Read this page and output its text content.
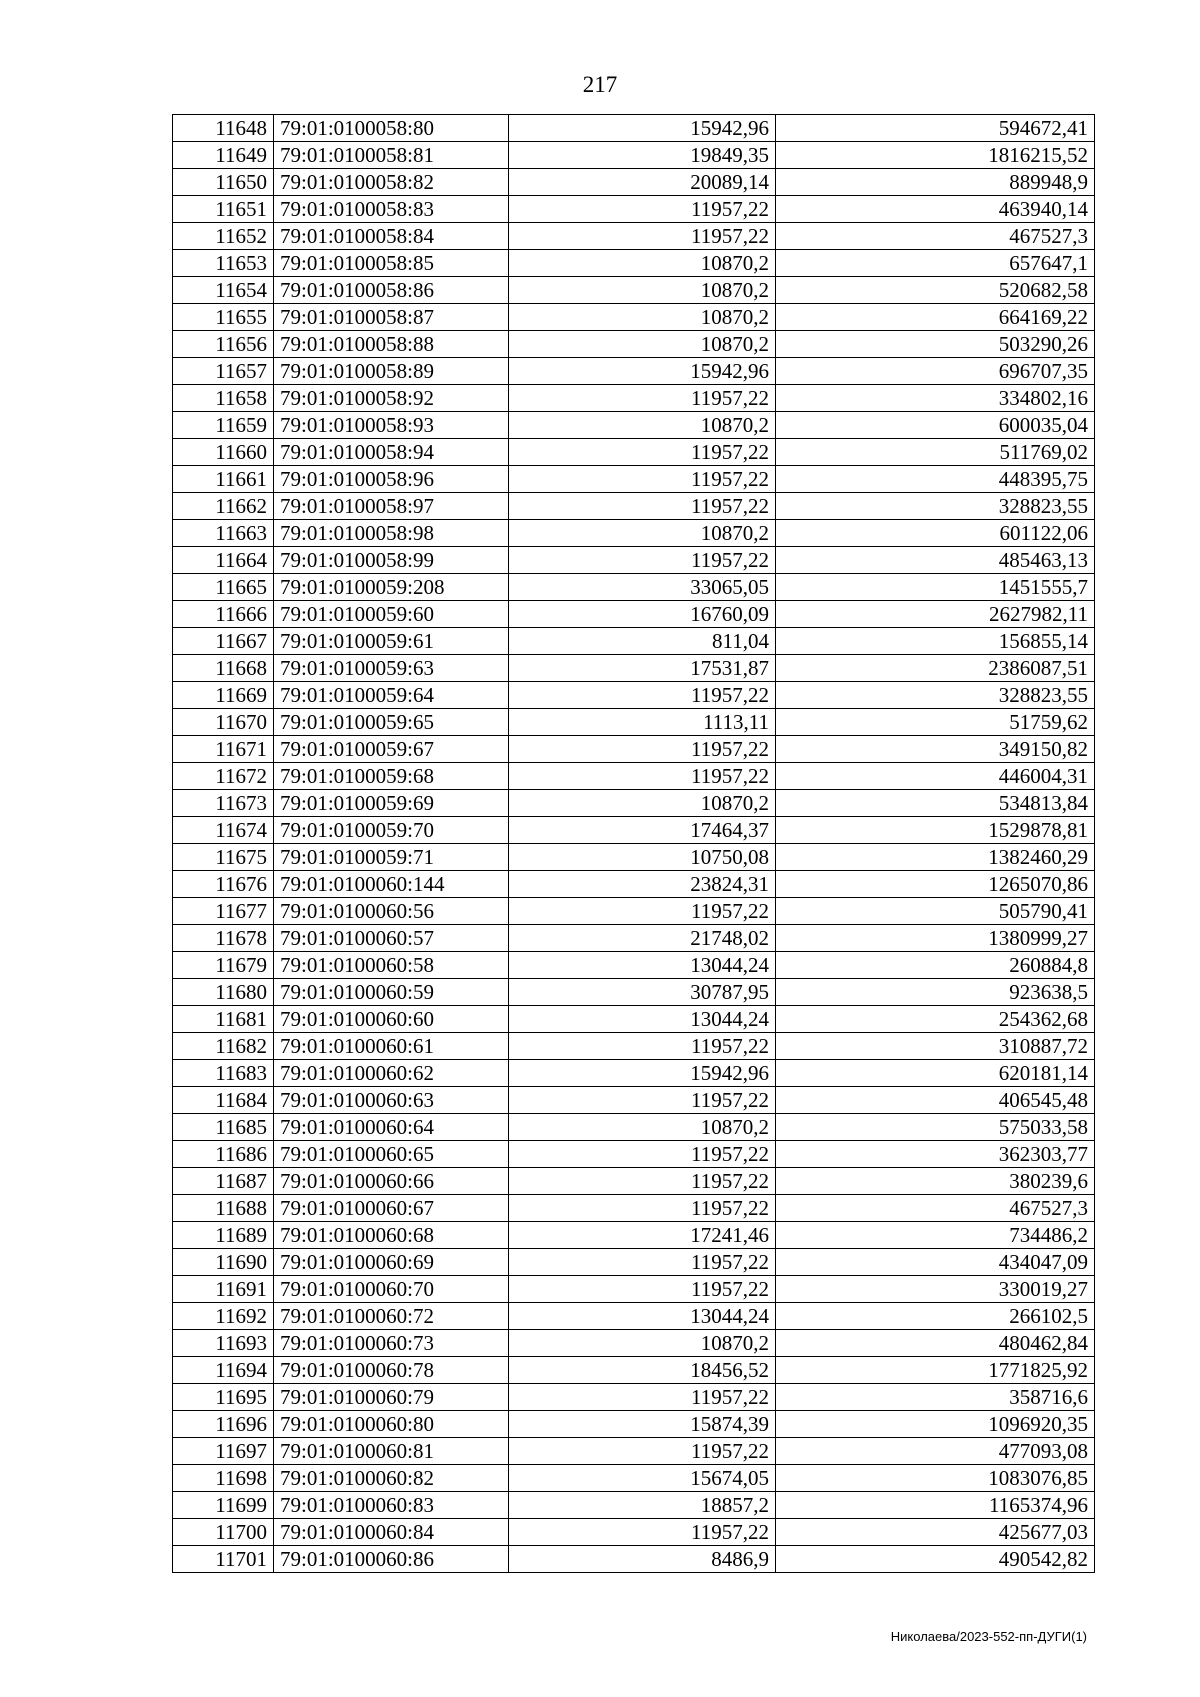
217
11648	79:01:0100058:80	15942,96	594672,41
11649	79:01:0100058:81	19849,35	1816215,52
11650	79:01:0100058:82	20089,14	889948,9
11651	79:01:0100058:83	11957,22	463940,14
11652	79:01:0100058:84	11957,22	467527,3
11653	79:01:0100058:85	10870,2	657647,1
11654	79:01:0100058:86	10870,2	520682,58
11655	79:01:0100058:87	10870,2	664169,22
11656	79:01:0100058:88	10870,2	503290,26
11657	79:01:0100058:89	15942,96	696707,35
11658	79:01:0100058:92	11957,22	334802,16
11659	79:01:0100058:93	10870,2	600035,04
11660	79:01:0100058:94	11957,22	511769,02
11661	79:01:0100058:96	11957,22	448395,75
11662	79:01:0100058:97	11957,22	328823,55
11663	79:01:0100058:98	10870,2	601122,06
11664	79:01:0100058:99	11957,22	485463,13
11665	79:01:0100059:208	33065,05	1451555,7
11666	79:01:0100059:60	16760,09	2627982,11
11667	79:01:0100059:61	811,04	156855,14
11668	79:01:0100059:63	17531,87	2386087,51
11669	79:01:0100059:64	11957,22	328823,55
11670	79:01:0100059:65	1113,11	51759,62
11671	79:01:0100059:67	11957,22	349150,82
11672	79:01:0100059:68	11957,22	446004,31
11673	79:01:0100059:69	10870,2	534813,84
11674	79:01:0100059:70	17464,37	1529878,81
11675	79:01:0100059:71	10750,08	1382460,29
11676	79:01:0100060:144	23824,31	1265070,86
11677	79:01:0100060:56	11957,22	505790,41
11678	79:01:0100060:57	21748,02	1380999,27
11679	79:01:0100060:58	13044,24	260884,8
11680	79:01:0100060:59	30787,95	923638,5
11681	79:01:0100060:60	13044,24	254362,68
11682	79:01:0100060:61	11957,22	310887,72
11683	79:01:0100060:62	15942,96	620181,14
11684	79:01:0100060:63	11957,22	406545,48
11685	79:01:0100060:64	10870,2	575033,58
11686	79:01:0100060:65	11957,22	362303,77
11687	79:01:0100060:66	11957,22	380239,6
11688	79:01:0100060:67	11957,22	467527,3
11689	79:01:0100060:68	17241,46	734486,2
11690	79:01:0100060:69	11957,22	434047,09
11691	79:01:0100060:70	11957,22	330019,27
11692	79:01:0100060:72	13044,24	266102,5
11693	79:01:0100060:73	10870,2	480462,84
11694	79:01:0100060:78	18456,52	1771825,92
11695	79:01:0100060:79	11957,22	358716,6
11696	79:01:0100060:80	15874,39	1096920,35
11697	79:01:0100060:81	11957,22	477093,08
11698	79:01:0100060:82	15674,05	1083076,85
11699	79:01:0100060:83	18857,2	1165374,96
11700	79:01:0100060:84	11957,22	425677,03
11701	79:01:0100060:86	8486,9	490542,82
Николаева/2023-552-пп-ДУГИ(1)
